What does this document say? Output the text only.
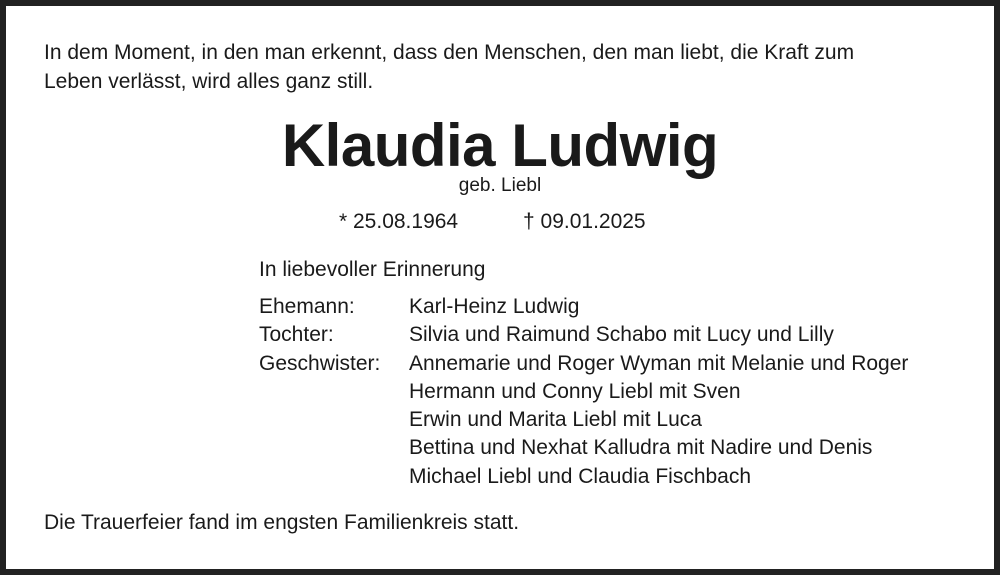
In dem Moment, in den man erkennt, dass den Menschen, den man liebt, die Kraft zum
Leben verlässt, wird alles ganz still.
Klaudia Ludwig
geb. Liebl
* 25.08.1964	† 09.01.2025
In liebevoller Erinnerung
Ehemann:	Karl-Heinz Ludwig
Tochter:	Silvia und Raimund Schabo mit Lucy und Lilly
Geschwister:	Annemarie und Roger Wyman mit Melanie und Roger
Hermann und Conny Liebl mit Sven
Erwin und Marita Liebl mit Luca
Bettina und Nexhat Kalludra mit Nadire und Denis
Michael Liebl und Claudia Fischbach
Die Trauerfeier fand im engsten Familienkreis statt.
